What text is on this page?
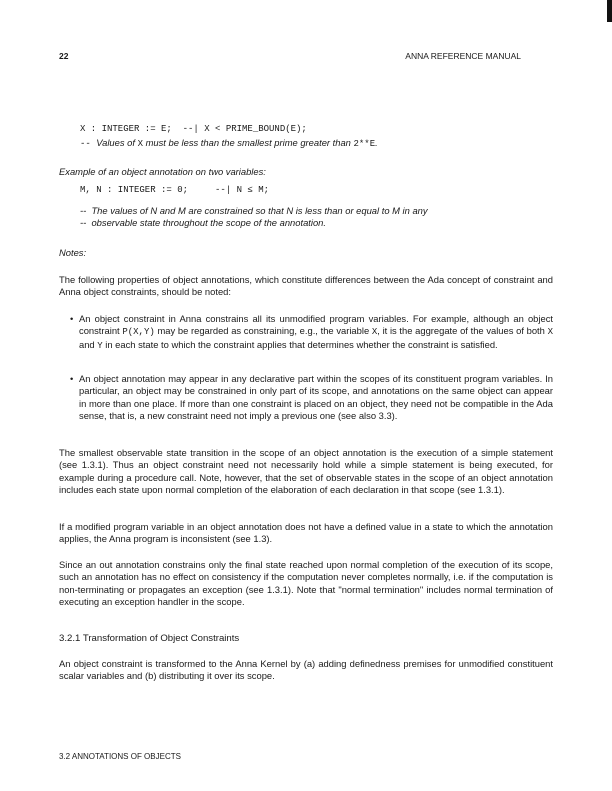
22	ANNA REFERENCE MANUAL
X : INTEGER := E;  --| X < PRIME_BOUND(E);
-- Values of X must be less than the smallest prime greater than 2**E.
Example of an object annotation on two variables:
M, N : INTEGER := 0;     --| N ≤ M;
--  The values of N and M are constrained so that N is less than or equal to M in any
--  observable state throughout the scope of the annotation.
Notes:
The following properties of object annotations, which constitute differences between the Ada concept of constraint and Anna object constraints, should be noted:
• An object constraint in Anna constrains all its unmodified program variables. For example, although an object constraint P(X,Y) may be regarded as constraining, e.g., the variable X, it is the aggregate of the values of both X and Y in each state to which the constraint applies that determines whether the constraint is satisfied.
• An object annotation may appear in any declarative part within the scopes of its constituent program variables. In particular, an object may be constrained in only part of its scope, and annotations on the same object can appear in more than one place. If more than one constraint is placed on an object, they need not be compatible in the Ada sense, that is, a new constraint need not imply a previous one (see also 3.3).
The smallest observable state transition in the scope of an object annotation is the execution of a simple statement (see 1.3.1). Thus an object constraint need not necessarily hold while a simple statement is being executed, for example during a procedure call. Note, however, that the set of observable states in the scope of an object annotation includes each state upon normal completion of the elaboration of each declaration in that scope (see 1.3.1).
If a modified program variable in an object annotation does not have a defined value in a state to which the annotation applies, the Anna program is inconsistent (see 1.3).
Since an out annotation constrains only the final state reached upon normal completion of the execution of its scope, such an annotation has no effect on consistency if the computation never completes normally, i.e. if the computation is non-terminating or propagates an exception (see 1.3.1). Note that "normal termination" includes normal termination of executing an exception handler in the scope.
3.2.1 Transformation of Object Constraints
An object constraint is transformed to the Anna Kernel by (a) adding definedness premises for unmodified constituent scalar variables and (b) distributing it over its scope.
3.2 ANNOTATIONS OF OBJECTS
